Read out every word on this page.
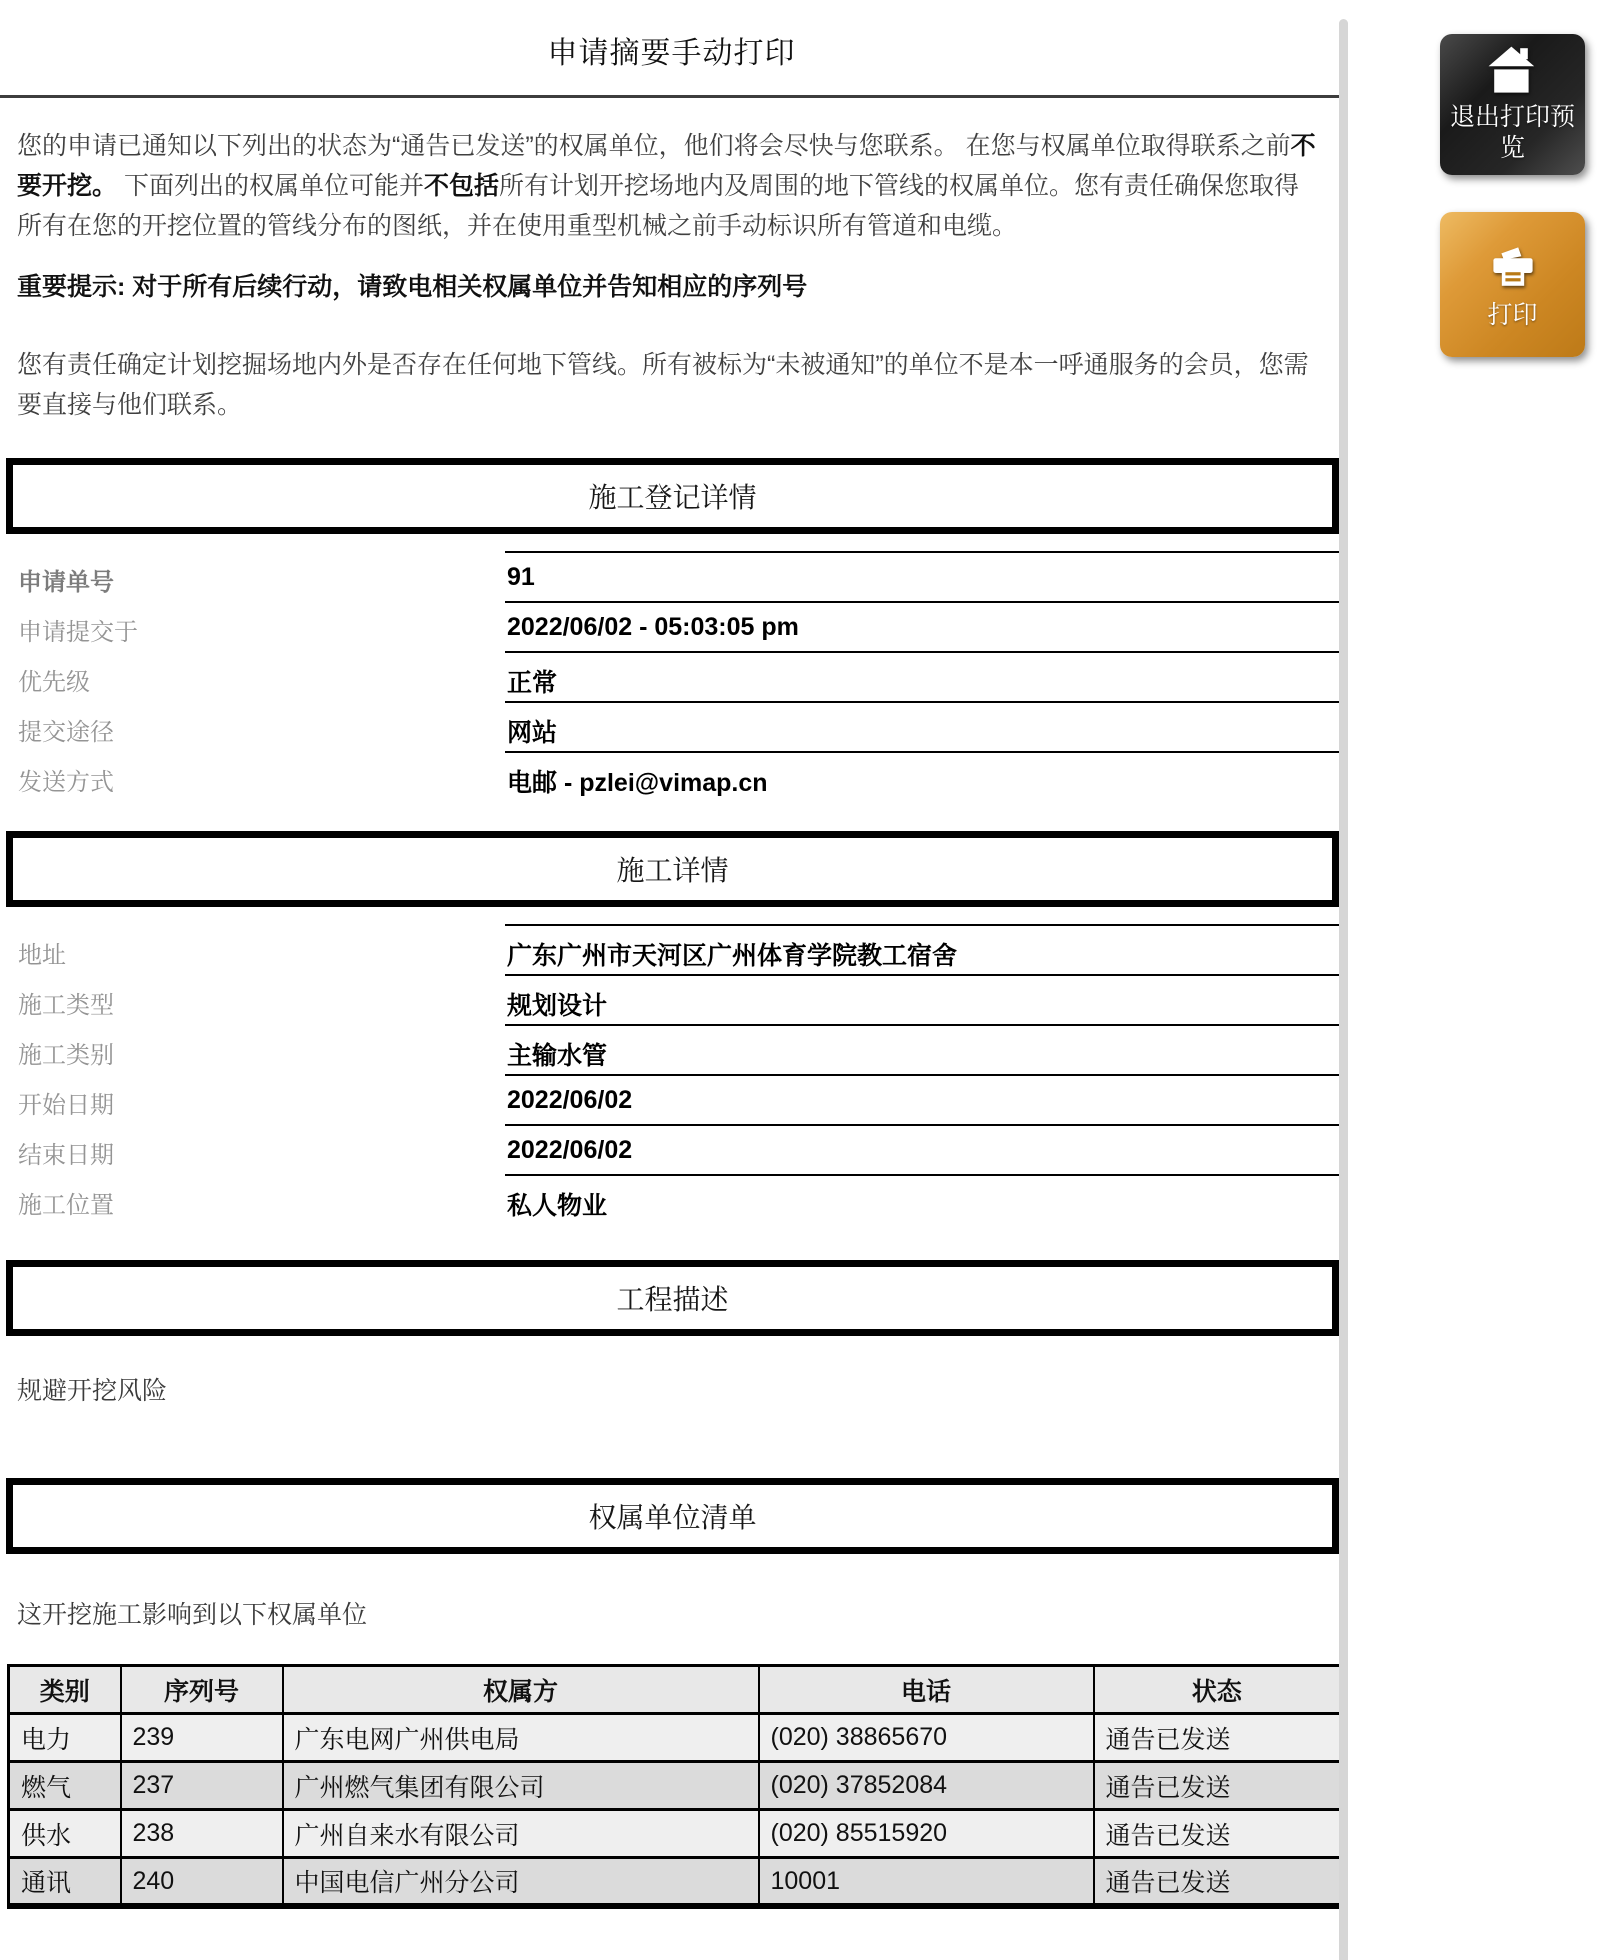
申请摘要手动打印
您的申请已通知以下列出的状态为“通告已发送”的权属单位，他们将会尽快与您联系。 在您与权属单位取得联系之前不要开挖。 下面列出的权属单位可能并不包括所有计划开挖场地内及周围的地下管线的权属单位。您有责任确保您取得所有在您的开挖位置的管线分布的图纸，并在使用重型机械之前手动标识所有管道和电缆。
重要提示: 对于所有后续行动，请致电相关权属单位并告知相应的序列号
您有责任确定计划挖掘场地内外是否存在任何地下管线。所有被标为“未被通知”的单位不是本一呼通服务的会员，您需要直接与他们联系。
施工登记详情
申请单号	91
申请提交于	2022/06/02 - 05:03:05 pm
优先级	正常
提交途径	网站
发送方式	电邮 - pzlei@vimap.cn
施工详情
地址	广东广州市天河区广州体育学院教工宿舍
施工类型	规划设计
施工类别	主输水管
开始日期	2022/06/02
结束日期	2022/06/02
施工位置	私人物业
工程描述
规避开挖风险
权属单位清单
这开挖施工影响到以下权属单位
类别	序列号	权属方	电话	状态
电力	239	广东电网广州供电局	(020) 38865670	通告已发送
燃气	237	广州燃气集团有限公司	(020) 37852084	通告已发送
供水	238	广州自来水有限公司	(020) 85515920	通告已发送
通讯	240	中国电信广州分公司	10001	通告已发送
退出打印预览
打印
